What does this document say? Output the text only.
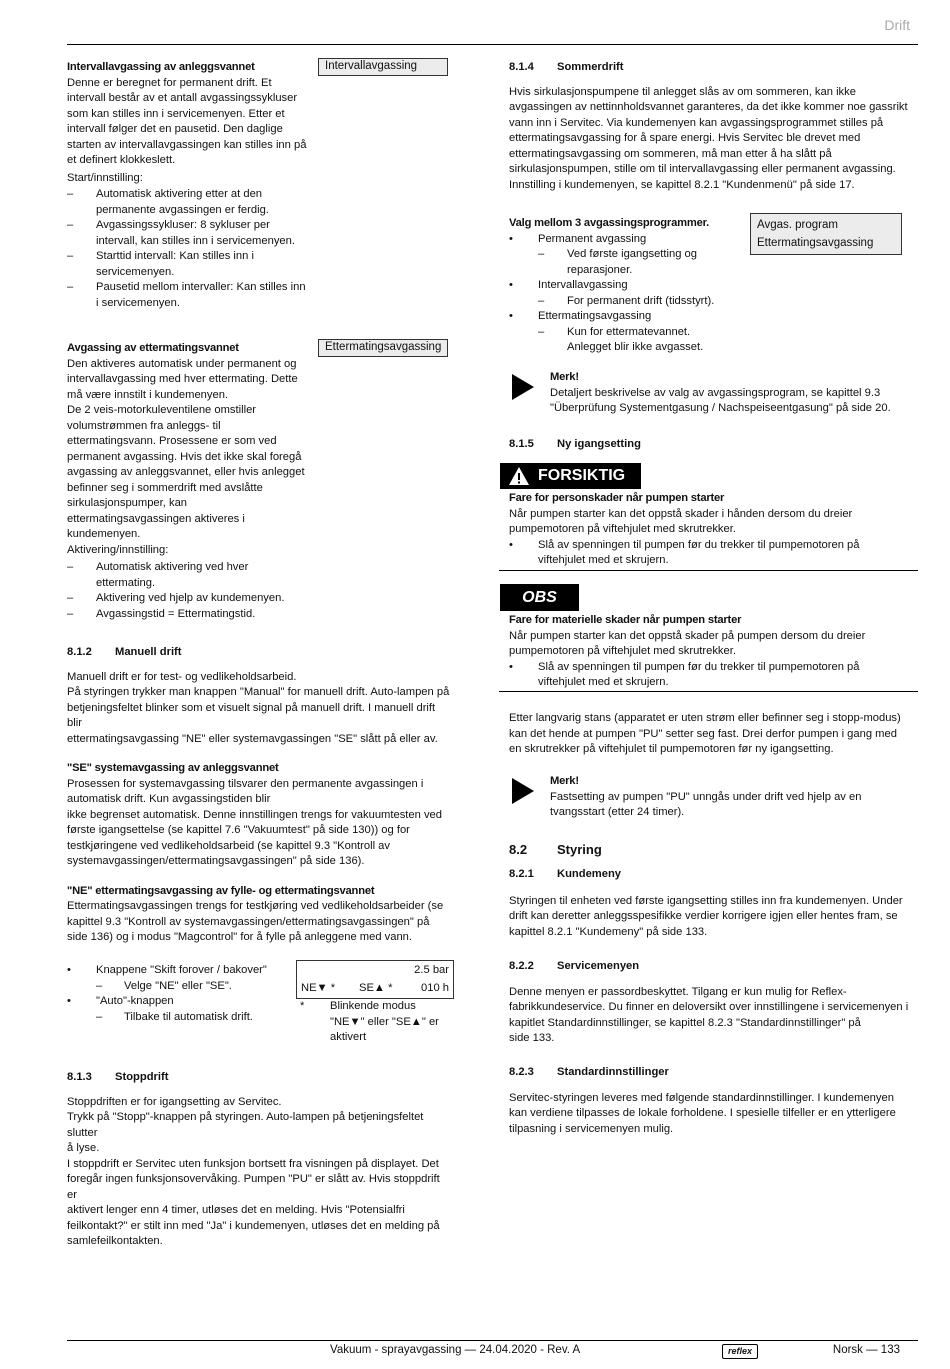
Drift

Intervallavgassing av anleggsvannet

Denne er beregnet for permanent drift. Et

intervall består av et antall avgassingssykluser

som kan stilles inn i servicemenyen. Etter et

intervall følger det en pausetid. Den daglige

starten av intervallavgassingen kan stilles inn på

et definert klokkeslett.

Start/innstilling:

–	Automatisk aktivering etter at den
permanente avgassingen er ferdig.
–	Avgassingssykluser: 8 sykluser per
intervall, kan stilles inn i servicemenyen.
–	Starttid intervall: Kan stilles inn i
servicemenyen.
–	Pausetid mellom intervaller: Kan stilles inn
i servicemenyen.
Intervallavgassing

Avgassing av ettermatingsvannet

Den aktiveres automatisk under permanent og

intervallavgassing med hver ettermating. Dette

må være innstilt i kundemenyen.

De 2 veis-motorkuleventilene omstiller

volumstrømmen fra anleggs- til

ettermatingsvann. Prosessene er som ved

permanent avgassing. Hvis det ikke skal foregå

avgassing av anleggsvannet, eller hvis anlegget

befinner seg i sommerdrift med avslåtte

sirkulasjonspumper, kan

ettermatingsavgassingen aktiveres i

kundemenyen.

Aktivering/innstilling:

–	Automatisk aktivering ved hver
ettermating.
–	Aktivering ved hjelp av kundemenyen.
–	Avgassingstid = Ettermatingstid.
Ettermatingsavgassing

8.1.2 Manuell drift

Manuell drift er for test- og vedlikeholdsarbeid.

På styringen trykker man knappen "Manual" for manuell drift. Auto-lampen på

betjeningsfeltet blinker som et visuelt signal på manuell drift. I manuell drift blir

ettermatingsavgassing "NE" eller systemavgassingen "SE" slått på eller av.

"SE" systemavgassing av anleggsvannet

Prosessen for systemavgassing tilsvarer den permanente avgassingen i

automatisk drift. Kun avgassingstiden blir

ikke begrenset automatisk. Denne innstillingen trengs for vakuumtesten ved

første igangsettelse (se kapittel 7.6 "Vakuumtest" på side 130)) og for

testkjøringene ved vedlikeholdsarbeid (se kapittel 9.3 "Kontroll av

systemavgassingen/ettermatingsavgassingen" på side 136).

"NE" ettermatingsavgassing av fylle- og ettermatingsvannet

Ettermatingsavgassingen trengs for testkjøring ved vedlikeholdsarbeider (se

kapittel 9.3 "Kontroll av systemavgassingen/ettermatingsavgassingen" på

side 136) og i modus "Magcontrol" for å fylle på anleggene med vann.

•	Knappene "Skift forover / bakover"
–	Velge "NE" eller "SE".
•	"Auto"-knappen
–	Tilbake til automatisk drift.
2.5 bar
NE▼ * SE▲ *	010 h
* Blinkende modus

"NE▼" eller "SE▲" er

aktivert

8.1.3 Stoppdrift

Stoppdriften er for igangsetting av Servitec.

Trykk på "Stopp"-knappen på styringen. Auto-lampen på betjeningsfeltet slutter

å lyse.

I stoppdrift er Servitec uten funksjon bortsett fra visningen på displayet. Det

foregår ingen funksjonsovervåking. Pumpen "PU" er slått av. Hvis stoppdrift er

aktivert lenger enn 4 timer, utløses det en melding. Hvis "Potensialfri

feilkontakt?" er stilt inn med "Ja" i kundemenyen, utløses det en melding på

samlefeilkontakten.

8.1.4 Sommerdrift

Hvis sirkulasjonspumpene til anlegget slås av om sommeren, kan ikke

avgassingen av nettinnholdsvannet garanteres, da det ikke kommer noe gassrikt

vann inn i Servitec. Via kundemenyen kan avgassingsprogrammet stilles på

ettermatingsavgassing for å spare energi. Hvis Servitec ble drevet med

ettermatingsavgassing om sommeren, må man etter å ha slått på

sirkulasjonspumpen, stille om til intervallavgassing eller permanent avgassing.

Innstilling i kundemenyen, se kapittel 8.2.1 "Kundenmenü" på side 17.

Valg mellom 3 avgassingsprogrammer.

•	Permanent avgassing
–	Ved første igangsetting og
reparasjoner.
•	Intervallavgassing
–	For permanent drift (tidsstyrt).
•	Ettermatingsavgassing
–	Kun for ettermatevannet.
Anlegget blir ikke avgasset.

Avgas. program

Ettermatingsavgassing

Merk!

Detaljert beskrivelse av valg av avgassingsprogram, se kapittel 9.3

"Überprüfung Systementgasung / Nachspeiseentgasung" på side 20.

8.1.5 Ny igangsetting

FORSIKTIG

Fare for personskader når pumpen starter

Når pumpen starter kan det oppstå skader i hånden dersom du dreier

pumpemotoren på viftehjulet med skrutrekker.

•	Slå av spenningen til pumpen før du trekker til pumpemotoren på
viftehjulet med et skrujern.
OBS

Fare for materielle skader når pumpen starter

Når pumpen starter kan det oppstå skader på pumpen dersom du dreier

pumpemotoren på viftehjulet med skrutrekker.

•	Slå av spenningen til pumpen før du trekker til pumpemotoren på
viftehjulet med et skrujern.

Etter langvarig stans (apparatet er uten strøm eller befinner seg i stopp-modus)

kan det hende at pumpen "PU" setter seg fast. Drei derfor pumpen i gang med

en skrutrekker på viftehjulet til pumpemotoren før ny igangsetting.

Merk!

Fastsetting av pumpen "PU" unngås under drift ved hjelp av en

tvangsstart (etter 24 timer).

8.2 Styring

8.2.1 Kundemeny

Styringen til enheten ved første igangsetting stilles inn fra kundemenyen. Under

drift kan deretter anleggsspesifikke verdier korrigere igjen eller hentes fram, se

kapittel 8.2.1 "Kundemeny" på side 133.

8.2.2 Servicemenyen

Denne menyen er passordbeskyttet. Tilgang er kun mulig for Reflex-

fabrikkundeservice. Du finner en deloversikt over innstillingene i servicemenyen i

kapitlet Standardinnstillinger, se kapittel 8.2.3 "Standardinnstillinger" på

side 133.

8.2.3 Standardinnstillinger

Servitec-styringen leveres med følgende standardinnstillinger. I kundemenyen

kan verdiene tilpasses de lokale forholdene. I spesielle tilfeller er en ytterligere

tilpasning i servicemenyen mulig.

Vakuum - sprayavgassing — 24.04.2020 - Rev. A	reflex	Norsk — 133
